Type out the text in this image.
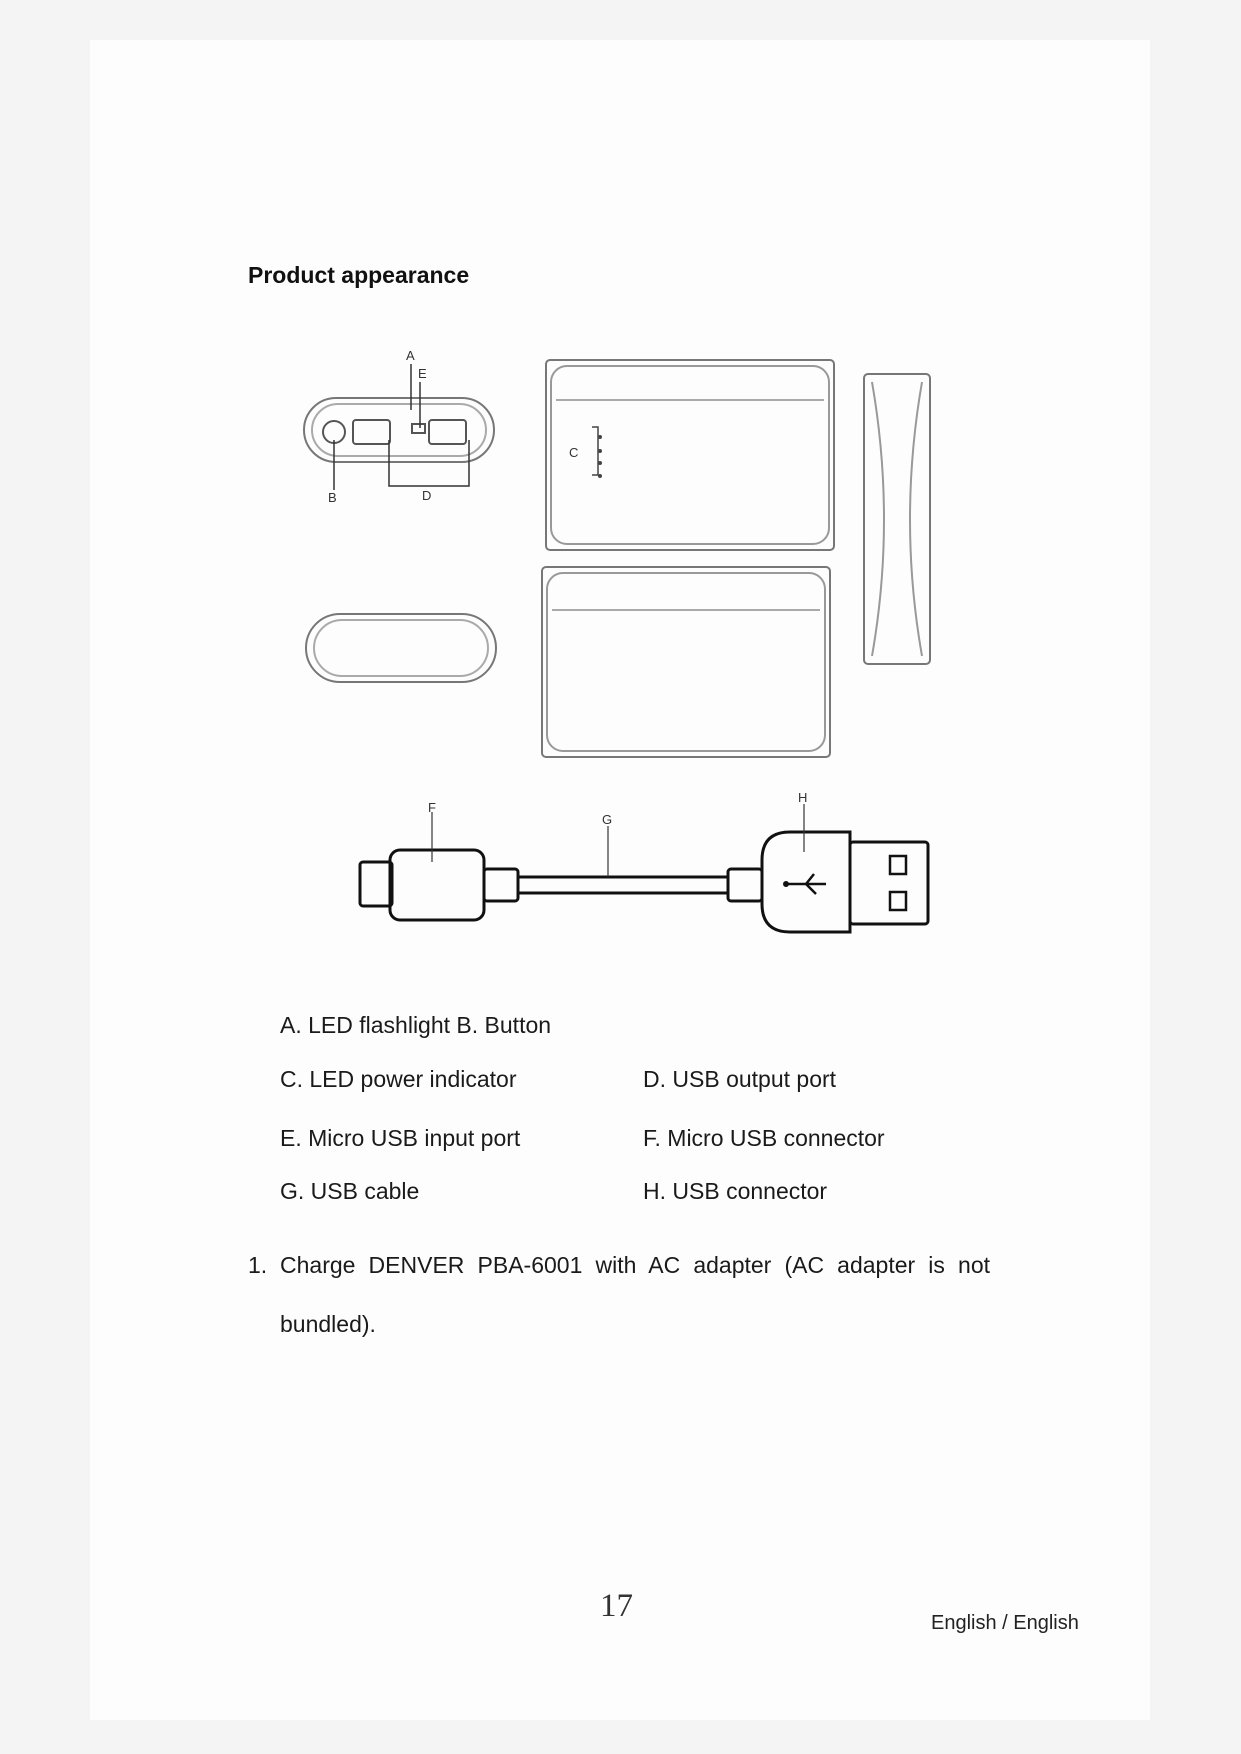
Product appearance
A
E
B	D
C
F
G
H
A. LED flashlight B. Button
C. LED power indicator	D. USB output port
E. Micro USB input port	F. Micro USB connector
G. USB cable	H. USB connector
1. Charge DENVER PBA-6001 with AC adapter (AC adapter is not
bundled).
17	English / English
